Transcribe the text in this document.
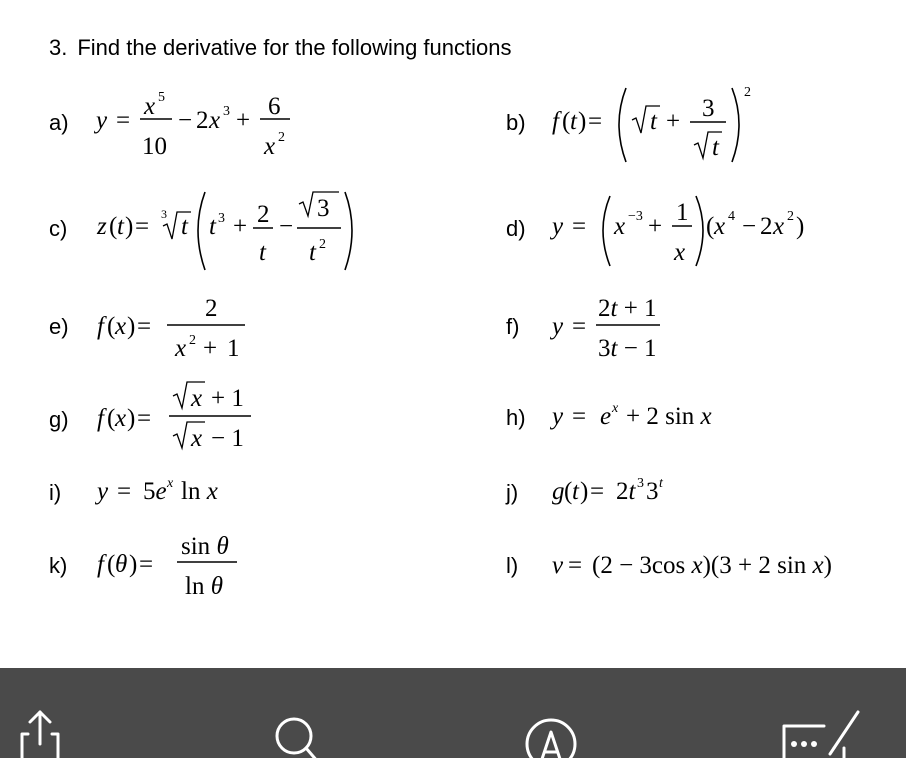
3. Find the derivative for the following functions
a) y =
x 5
10
− 2 x 3 +
6
x 2
b) f ( t ) = t + 3
t
2
c) z ( t ) = 3 t t 3 + 2
t
−
3
t 2
d) y = x −3 +
1
x
( x 4 − 2 x 2 )
e) f ( x ) =
2
x 2 + 1
f) y =
2t + 1
3t − 1
g) f ( x ) =
x + 1
x − 1
h) y = e x + 2 sin x
i) y = 5e x ln x	j) g ( t ) = 2t 3 3 t
k) f ( θ ) =
sin θ
ln θ
l) v = (2 − 3cos x)(3 + 2 sin x)
